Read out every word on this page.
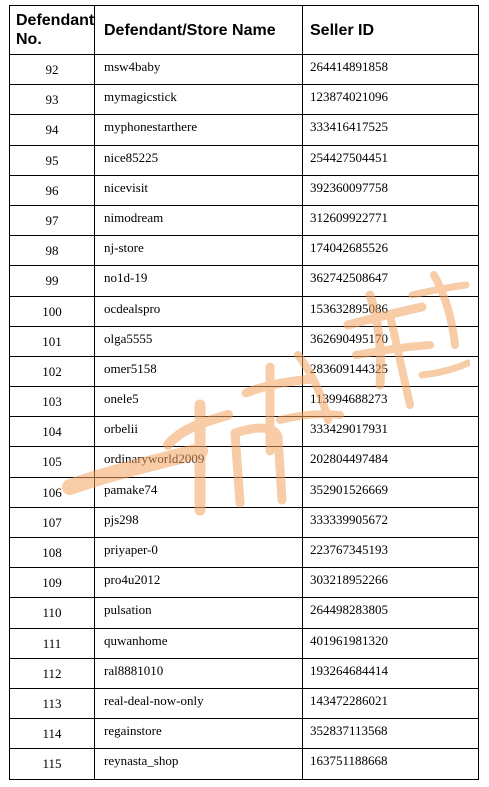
Defendant
No.	Defendant/Store Name	Seller ID
92	msw4baby	264414891858
93	mymagicstick	123874021096
94	myphonestarthere	333416417525
95	nice85225	254427504451
96	nicevisit	392360097758
97	nimodream	312609922771
98	nj-store	174042685526
99	no1d-19	362742508647
100	ocdealspro	153632895086
101	olga5555	362690495170
102	omer5158	283609144325
103	onele5	113994688273
104	orbelii	333429017931
105	ordinaryworld2009	202804497484
106	pamake74	352901526669
107	pjs298	333339905672
108	priyaper-0	223767345193
109	pro4u2012	303218952266
110	pulsation	264498283805
111	quwanhome	401961981320
112	ral8881010	193264684414
113	real-deal-now-only	143472286021
114	regainstore	352837113568
115	reynasta_shop	163751188668
